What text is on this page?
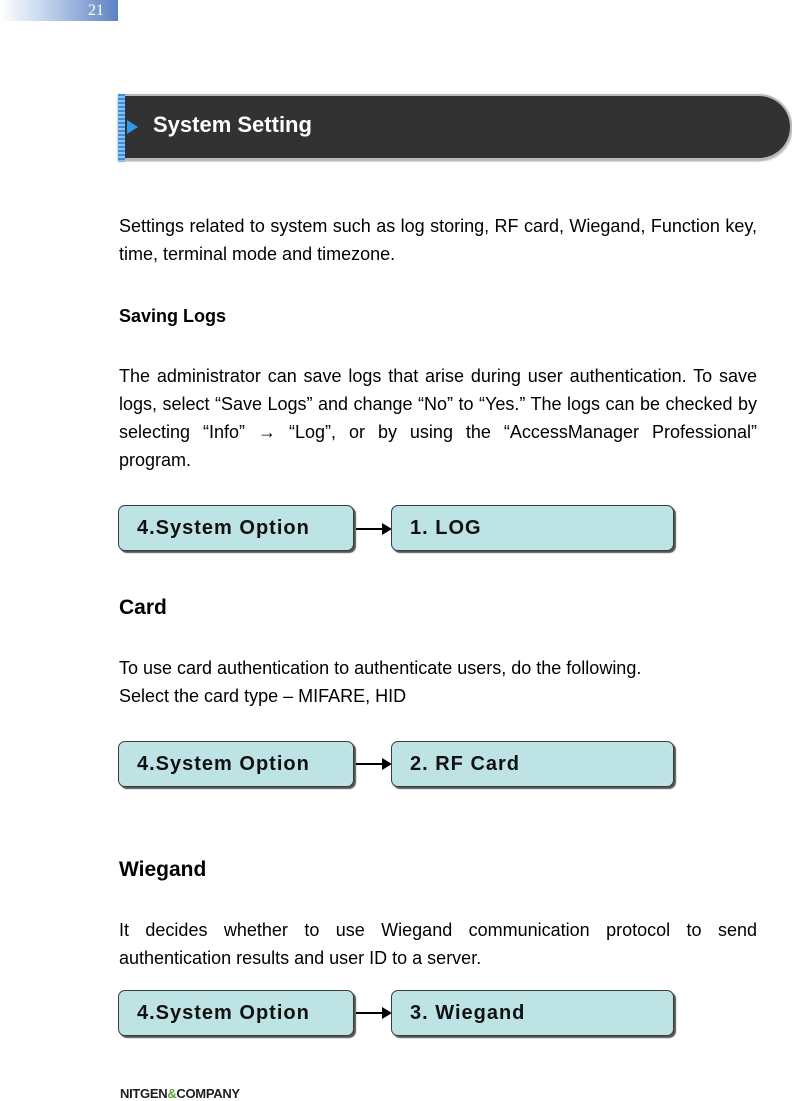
21
System Setting

Settings related to system such as log storing, RF card, Wiegand, Function key, time, terminal mode and timezone.

Saving Logs

The administrator can save logs that arise during user authentication. To save logs, select “Save Logs” and change “No” to “Yes.” The logs can be checked by selecting “Info” → “Log”, or by using the “AccessManager Professional” program.

4.System Option	1. LOG

Card

To use card authentication to authenticate users, do the following.

Select the card type – MIFARE, HID

4.System Option	2. RF Card

Wiegand

It decides whether to use Wiegand communication protocol to send authentication results and user ID to a server.

4.System Option	3. Wiegand
NITGEN&COMPANY
